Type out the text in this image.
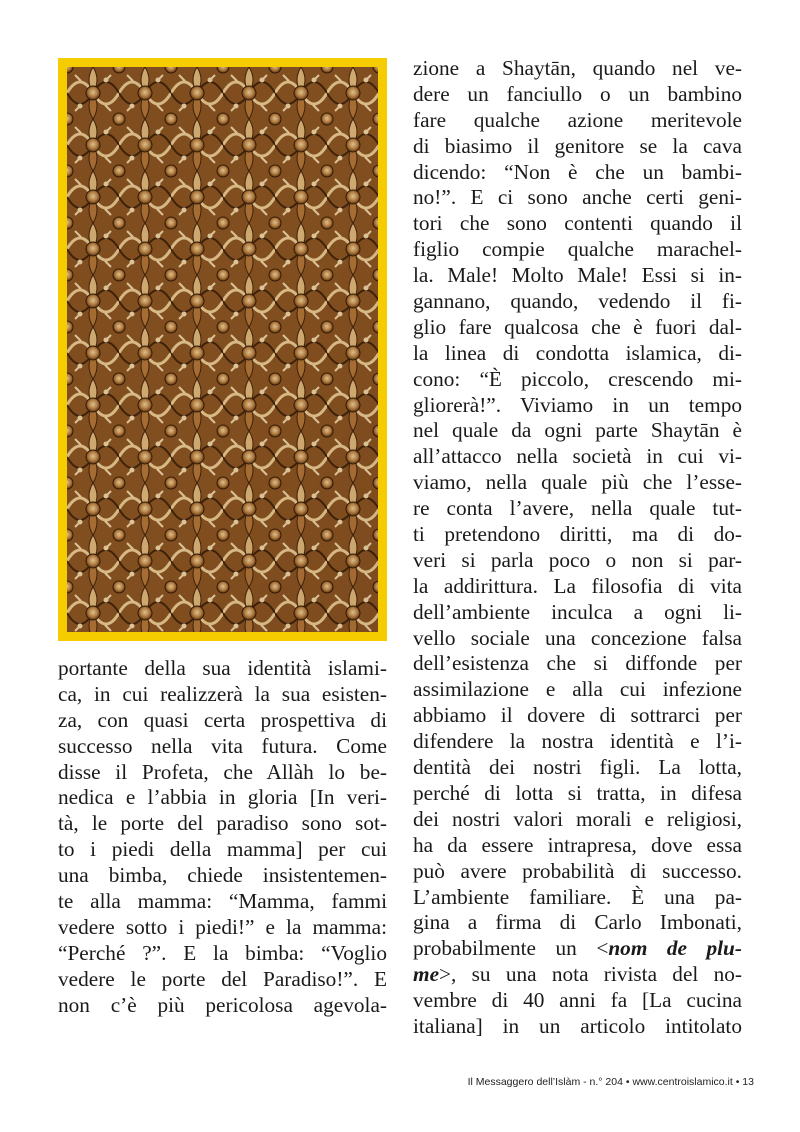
portante della sua identità islami-
ca, in cui realizzerà la sua esisten-
za, con quasi certa prospettiva di
successo nella vita futura. Come
disse il Profeta, che Allàh lo be-
nedica e l’abbia in gloria [In veri-
tà, le porte del paradiso sono sot-
to i piedi della mamma] per cui
una bimba, chiede insistentemen-
te alla mamma: “Mamma, fammi
vedere sotto i piedi!” e la mamma:
“Perché ?”. E la bimba: “Voglio
vedere le porte del Paradiso!”. E
non c’è più pericolosa agevola-
zione a Shaytān, quando nel ve-
dere un fanciullo o un bambino
fare qualche azione meritevole
di biasimo il genitore se la cava
dicendo: “Non è che un bambi-
no!”. E ci sono anche certi geni-
tori che sono contenti quando il
figlio compie qualche marachel-
la. Male! Molto Male! Essi si in-
gannano, quando, vedendo il fi-
glio fare qualcosa che è fuori dal-
la linea di condotta islamica, di-
cono: “È piccolo, crescendo mi-
gliorerà!”. Viviamo in un tempo
nel quale da ogni parte Shaytān è
all’attacco nella società in cui vi-
viamo, nella quale più che l’esse-
re conta l’avere, nella quale tut-
ti pretendono diritti, ma di do-
veri si parla poco o non si par-
la addirittura. La filosofia di vita
dell’ambiente inculca a ogni li-
vello sociale una concezione falsa
dell’esistenza che si diffonde per
assimilazione e alla cui infezione
abbiamo il dovere di sottrarci per
difendere la nostra identità e l’i-
dentità dei nostri figli. La lotta,
perché di lotta si tratta, in difesa
dei nostri valori morali e religiosi,
ha da essere intrapresa, dove essa
può avere probabilità di successo.
L’ambiente familiare. È una pa-
gina a firma di Carlo Imbonati,
probabilmente un <nom de plu-
me>, su una nota rivista del no-
vembre di 40 anni fa [La cucina
italiana] in un articolo intitolato
Il Messaggero dell’Islàm - n.° 204 • www.centroislamico.it • 13
